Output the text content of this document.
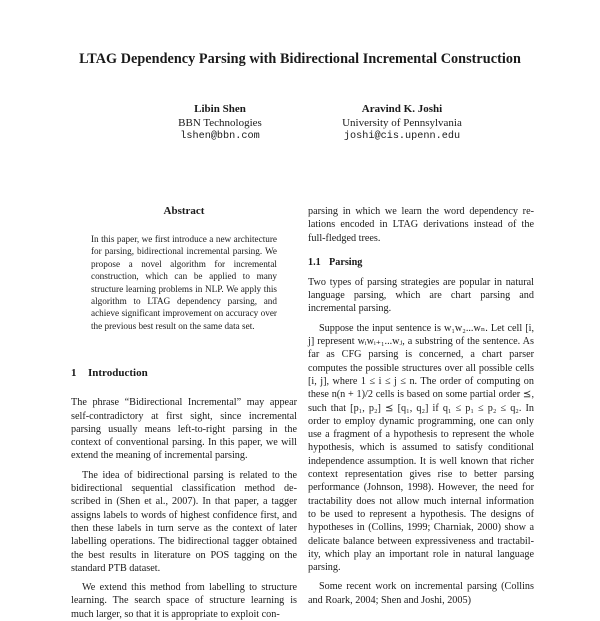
LTAG Dependency Parsing with Bidirectional Incremental Construction
Libin Shen
BBN Technologies
lshen@bbn.com
Aravind K. Joshi
University of Pennsylvania
joshi@cis.upenn.edu
Abstract
In this paper, we first introduce a new architecture for parsing, bidirectional incremental parsing. We propose a novel algorithm for incremental construction, which can be applied to many structure learning problems in NLP. We apply this algorithm to LTAG dependency parsing, and achieve significant improvement on accuracy over the previous best result on the same data set.
1 Introduction

The phrase “Bidirectional Incremental” may appear self-contradictory at first sight, since incremental parsing usually means left-to-right parsing in the context of conventional parsing. In this paper, we will extend the meaning of incremental parsing.

The idea of bidirectional parsing is related to the bidirectional sequential classification method described in (Shen et al., 2007). In that paper, a tagger assigns labels to words of highest confidence first, and then these labels in turn serve as the context of later labelling operations. The bidirectional tagger obtained the best results in literature on POS tagging on the standard PTB dataset.

We extend this method from labelling to structure learning. The search space of structure learning is much larger, so that it is appropriate to exploit con-

parsing in which we learn the word dependency relations encoded in LTAG derivations instead of the full-fledged trees.

1.1 Parsing

Two types of parsing strategies are popular in natural language parsing, which are chart parsing and incremental parsing.

Suppose the input sentence is w₁w₂...wₙ. Let cell [i, j] represent wᵢwᵢ₊₁...wⱼ, a substring of the sentence. As far as CFG parsing is concerned, a chart parser computes the possible structures over all possible cells [i, j], where 1 ≤ i ≤ j ≤ n. The order of computing on these n(n + 1)/2 cells is based on some partial order ⪯, such that [p₁, p₂] ⪯ [q₁, q₂] if q₁ ≤ p₁ ≤ p₂ ≤ q₂. In order to employ dynamic programming, one can only use a fragment of a hypothesis to represent the whole hypothesis, which is assumed to satisfy conditional independence assumption. It is well known that richer context representation gives rise to better parsing performance (Johnson, 1998). However, the need for tractability does not allow much internal information to be used to represent a hypothesis. The designs of hypotheses in (Collins, 1999; Charniak, 2000) show a delicate balance between expressiveness and tractability, which play an important role in natural language parsing.

Some recent work on incremental parsing (Collins and Roark, 2004; Shen and Joshi, 2005)
